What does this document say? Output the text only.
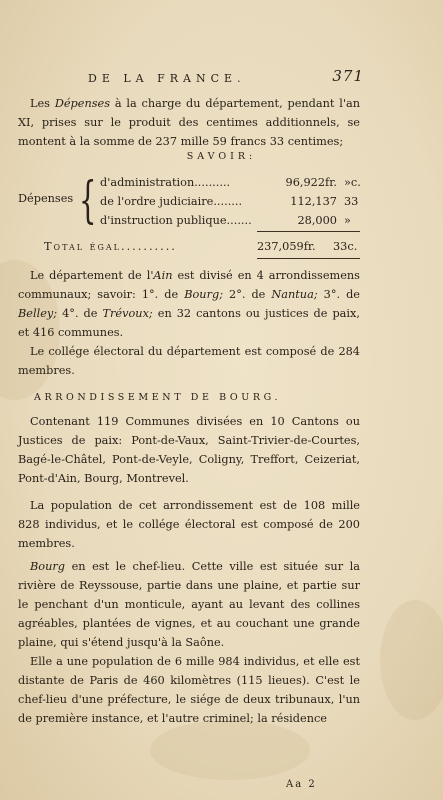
DE LA FRANCE.	371
Les Dépenses à la charge du département, pendant l'an XI, prises sur le produit des centimes additionnels, se montent à la somme de 237 mille 59 francs 33 centimes;
SAVOIR:
Dépenses { d'administration..........	96,922fr. »c.
de l'ordre judiciaire........	112,137 33
d'instruction publique.......	28,000 »
Total égal..........	237,059fr. 33c.
Le département de l'Ain est divisé en 4 arrondissemens communaux; savoir: 1°. de Bourg; 2°. de Nantua; 3°. de Belley; 4°. de Trévoux; en 32 cantons ou justices de paix, et 416 communes.
Le collége électoral du département est composé de 284 membres.
ARRONDISSEMENT DE BOURG.
Contenant 119 Communes divisées en 10 Cantons ou Justices de paix: Pont-de-Vaux, Saint-Trivier-de-Courtes, Bagé-le-Châtel, Pont-de-Veyle, Coligny, Treffort, Ceizeriat, Pont-d'Ain, Bourg, Montrevel.
La population de cet arrondissement est de 108 mille 828 individus, et le collége électoral est composé de 200 membres.
Bourg en est le chef-lieu. Cette ville est située sur la rivière de Reyssouse, partie dans une plaine, et partie sur le penchant d'un monticule, ayant au levant des collines agréables, plantées de vignes, et au couchant une grande plaine, qui s'étend jusqu'à la Saône.
Elle a une population de 6 mille 984 individus, et elle est distante de Paris de 460 kilomètres (115 lieues). C'est le chef-lieu d'une préfecture, le siége de deux tribunaux, l'un de première instance, et l'autre criminel; la résidence
Aa 2
